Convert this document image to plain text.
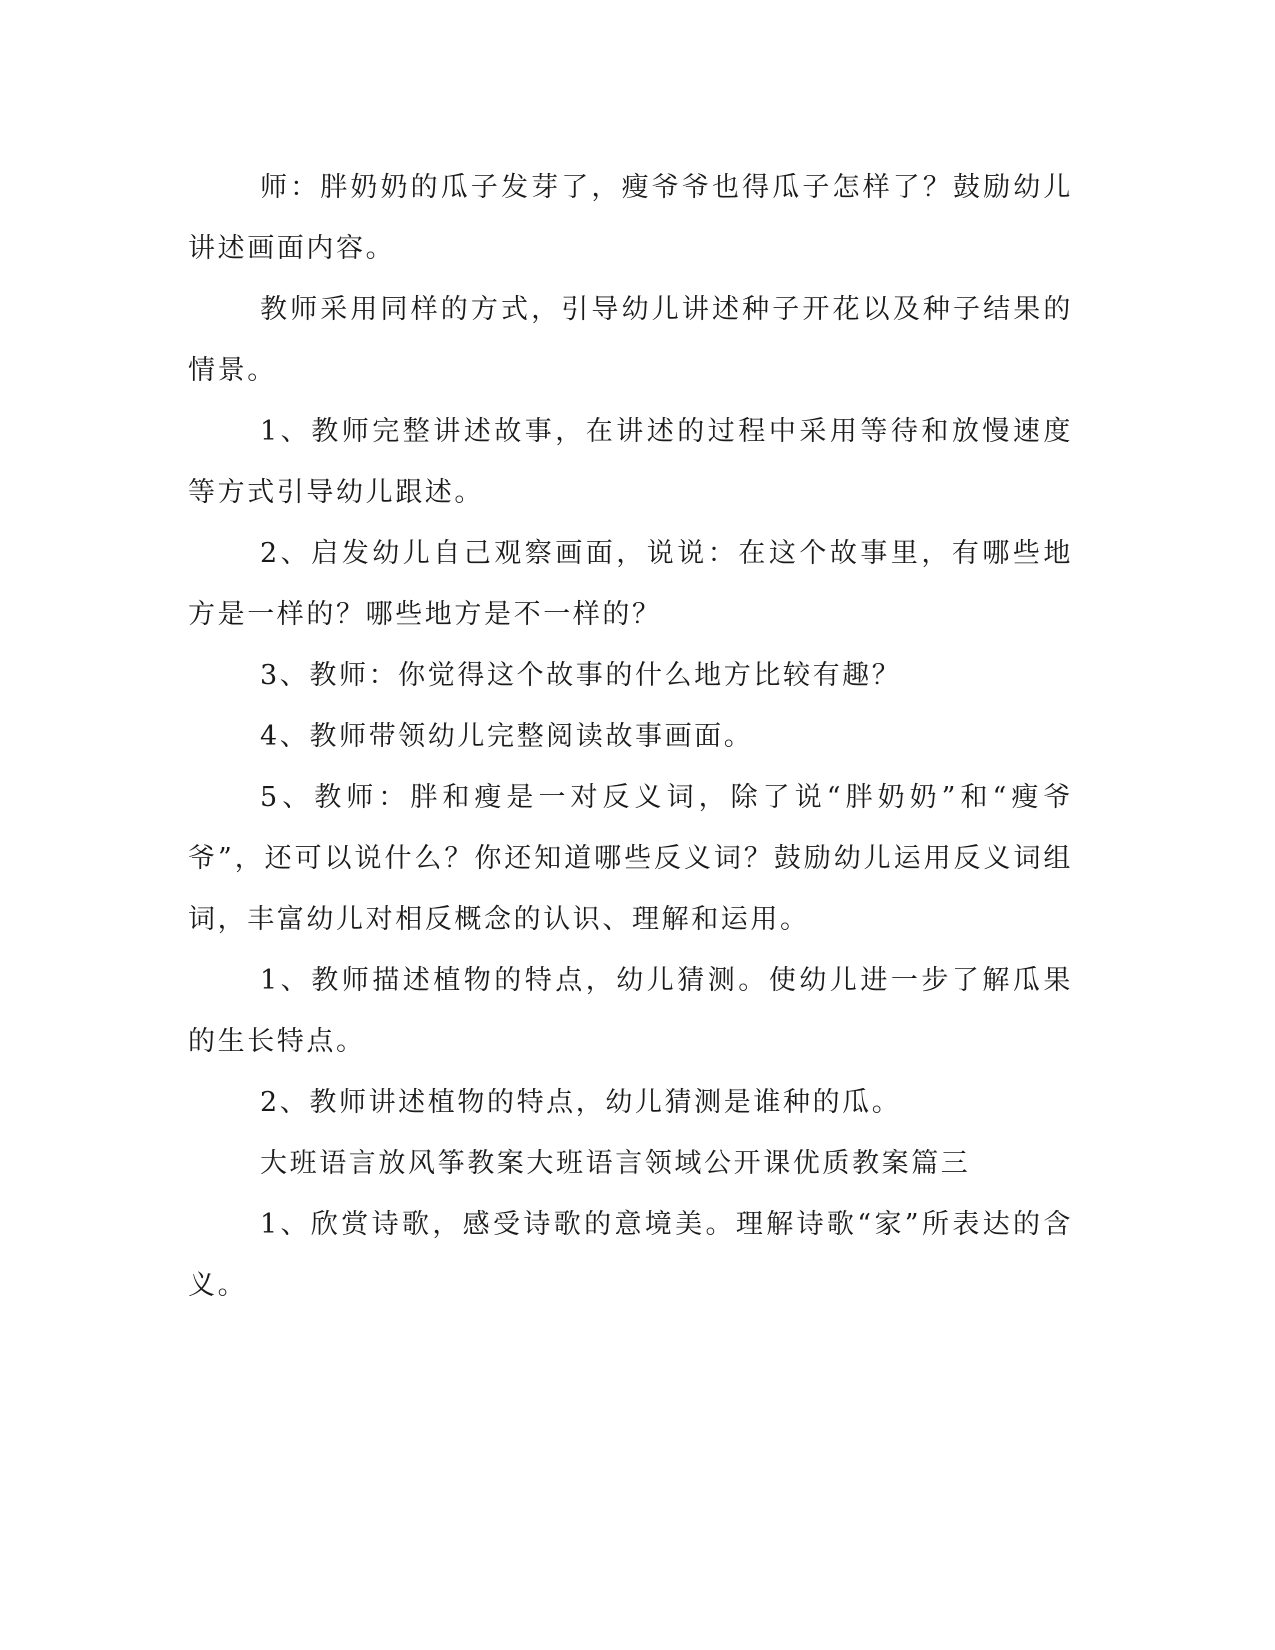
师：胖奶奶的瓜子发芽了，瘦爷爷也得瓜子怎样了？鼓励幼儿讲述画面内容。

教师采用同样的方式，引导幼儿讲述种子开花以及种子结果的情景。

1、教师完整讲述故事，在讲述的过程中采用等待和放慢速度等方式引导幼儿跟述。

2、启发幼儿自己观察画面，说说：在这个故事里，有哪些地方是一样的？哪些地方是不一样的？

3、教师：你觉得这个故事的什么地方比较有趣？

4、教师带领幼儿完整阅读故事画面。

5、教师：胖和瘦是一对反义词，除了说“胖奶奶”和“瘦爷爷”，还可以说什么？你还知道哪些反义词？鼓励幼儿运用反义词组词，丰富幼儿对相反概念的认识、理解和运用。

1、教师描述植物的特点，幼儿猜测。使幼儿进一步了解瓜果的生长特点。

2、教师讲述植物的特点，幼儿猜测是谁种的瓜。

大班语言放风筝教案大班语言领域公开课优质教案篇三

1、欣赏诗歌，感受诗歌的意境美。理解诗歌“家”所表达的含义。
